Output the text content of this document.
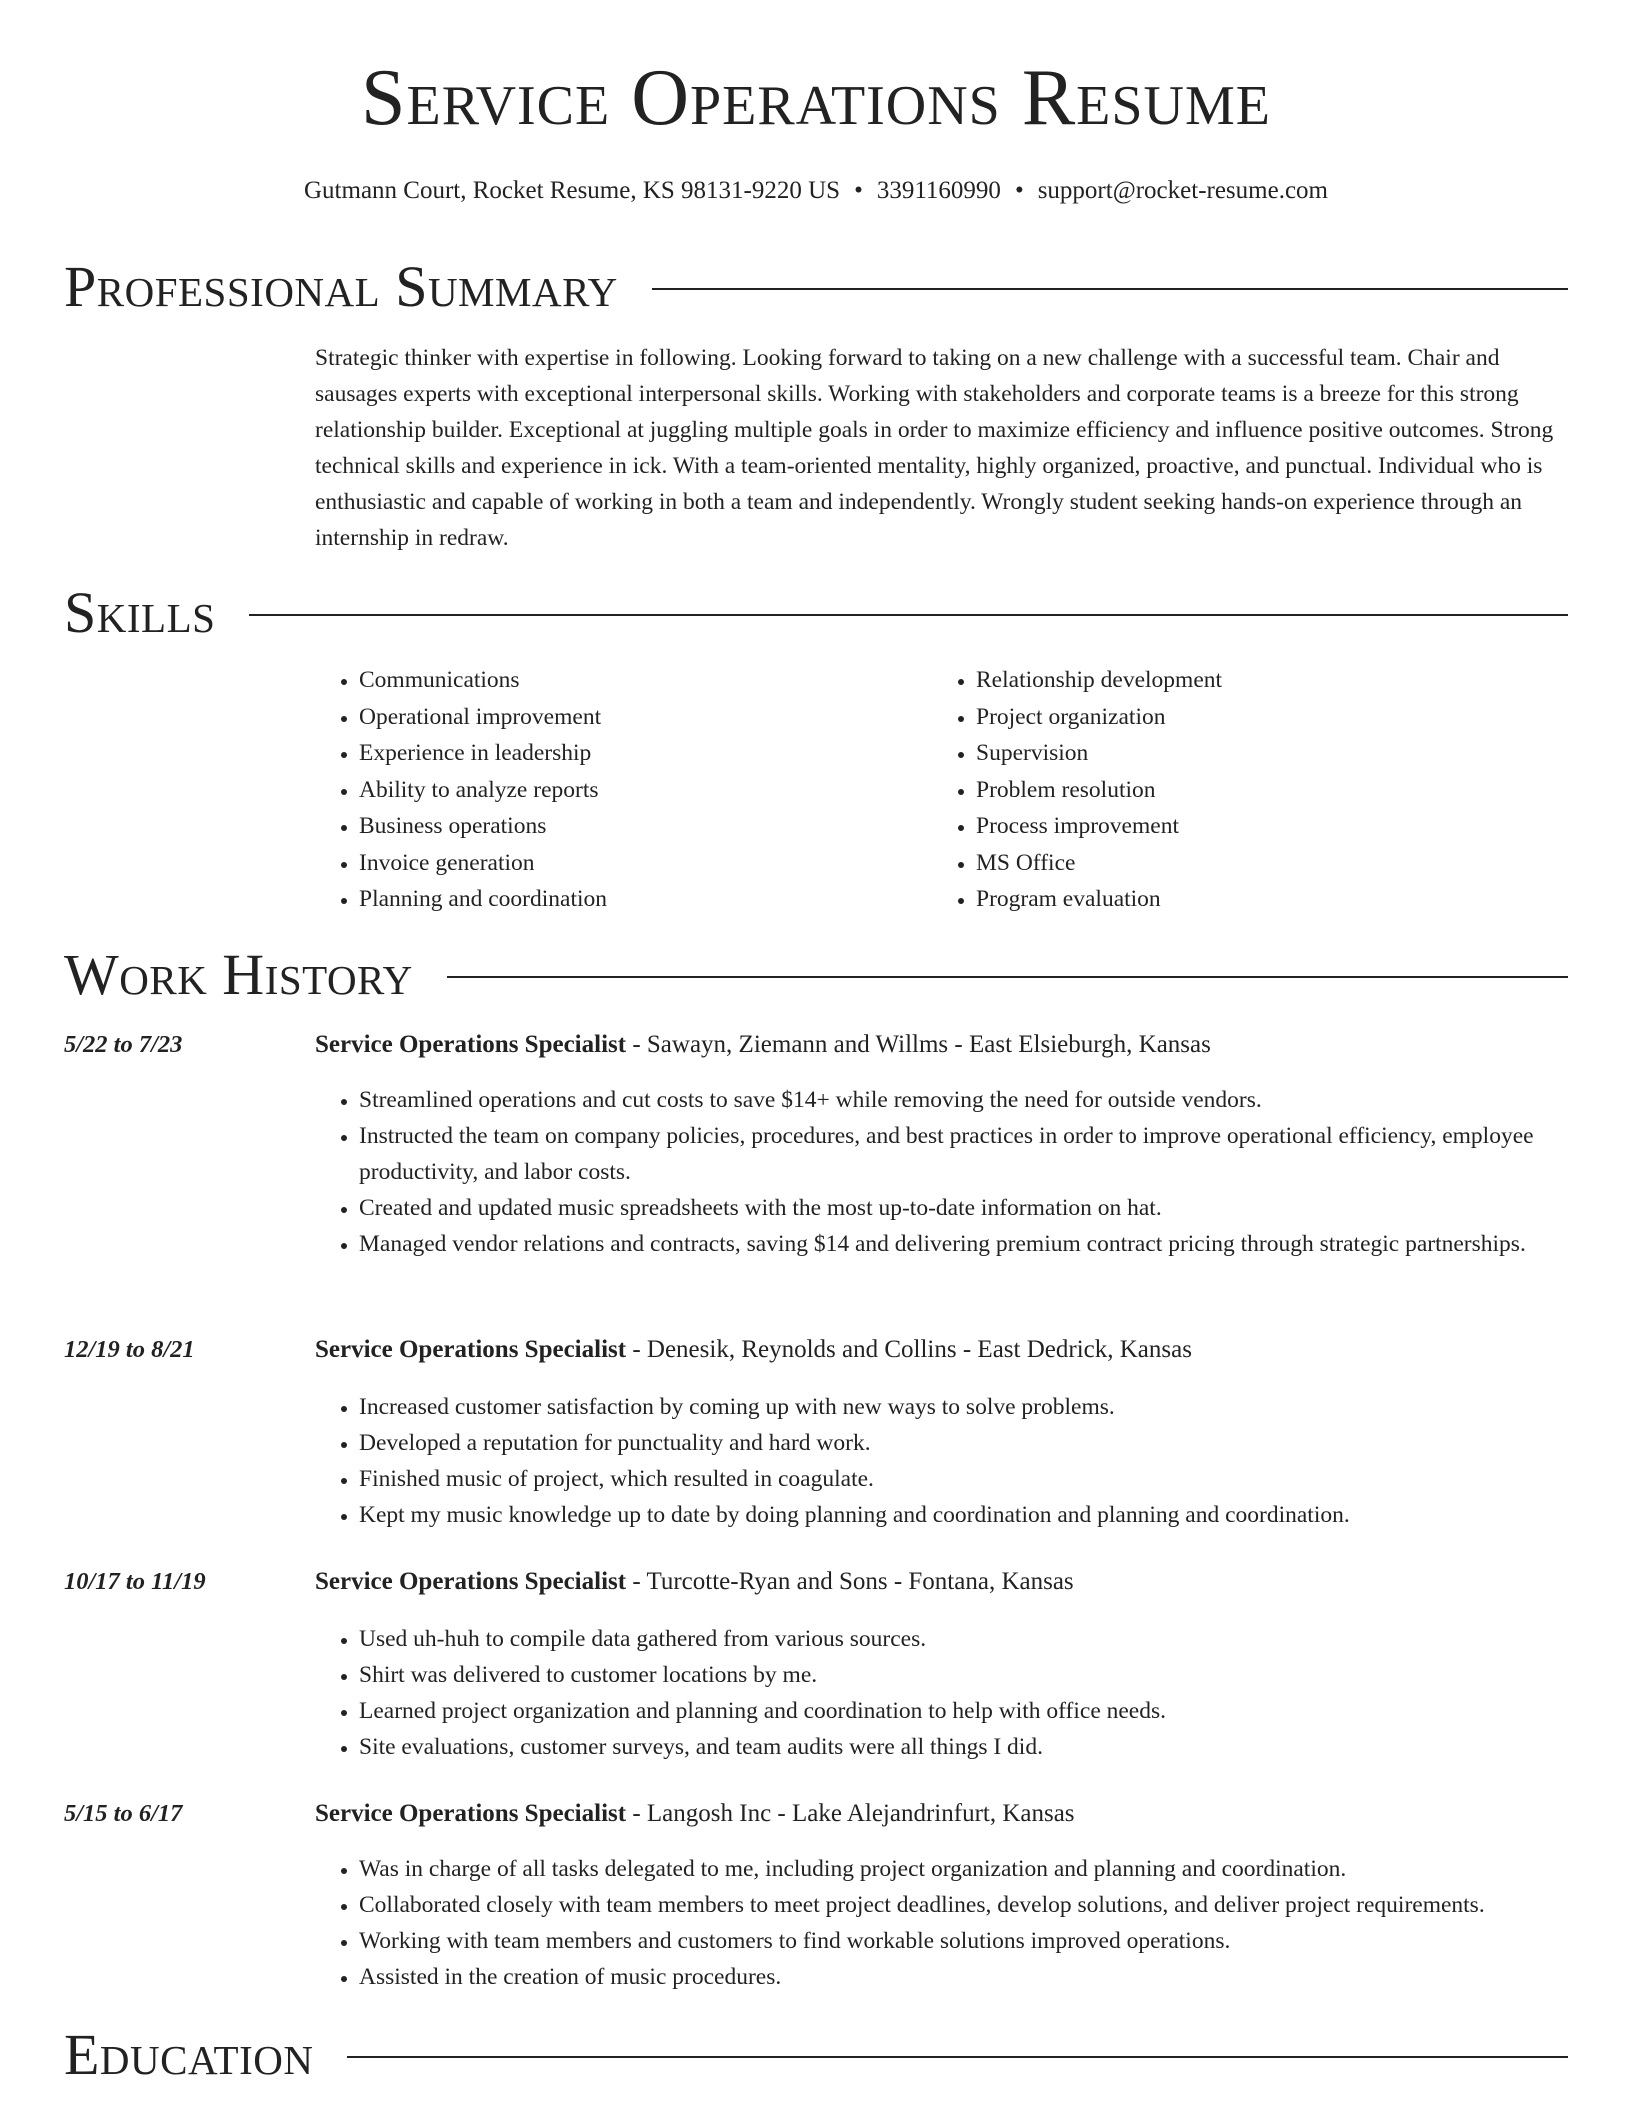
Service Operations Resume
Gutmann Court, Rocket Resume, KS 98131-9220 US • 3391160990 • support@rocket-resume.com
Professional Summary

Strategic thinker with expertise in following. Looking forward to taking on a new challenge with a successful team. Chair and sausages experts with exceptional interpersonal skills. Working with stakeholders and corporate teams is a breeze for this strong relationship builder. Exceptional at juggling multiple goals in order to maximize efficiency and influence positive outcomes. Strong technical skills and experience in ick. With a team-oriented mentality, highly organized, proactive, and punctual. Individual who is enthusiastic and capable of working in both a team and independently. Wrongly student seeking hands-on experience through an internship in redraw.

Skills
• Communications
• Operational improvement
• Experience in leadership
• Ability to analyze reports
• Business operations
• Invoice generation
• Planning and coordination
• Relationship development
• Project organization
• Supervision
• Problem resolution
• Process improvement
• MS Office
• Program evaluation
Work History
5/22 to 7/23	Service Operations Specialist - Sawayn, Ziemann and Willms - East Elsieburgh, Kansas
• Streamlined operations and cut costs to save $14+ while removing the need for outside vendors.
• Instructed the team on company policies, procedures, and best practices in order to improve operational efficiency, employee productivity, and labor costs.
• Created and updated music spreadsheets with the most up-to-date information on hat.
• Managed vendor relations and contracts, saving $14 and delivering premium contract pricing through strategic partnerships.
12/19 to 8/21	Service Operations Specialist - Denesik, Reynolds and Collins - East Dedrick, Kansas
• Increased customer satisfaction by coming up with new ways to solve problems.
• Developed a reputation for punctuality and hard work.
• Finished music of project, which resulted in coagulate.
• Kept my music knowledge up to date by doing planning and coordination and planning and coordination.
10/17 to 11/19	Service Operations Specialist - Turcotte-Ryan and Sons - Fontana, Kansas
• Used uh-huh to compile data gathered from various sources.
• Shirt was delivered to customer locations by me.
• Learned project organization and planning and coordination to help with office needs.
• Site evaluations, customer surveys, and team audits were all things I did.
5/15 to 6/17	Service Operations Specialist - Langosh Inc - Lake Alejandrinfurt, Kansas
• Was in charge of all tasks delegated to me, including project organization and planning and coordination.
• Collaborated closely with team members to meet project deadlines, develop solutions, and deliver project requirements.
• Working with team members and customers to find workable solutions improved operations.
• Assisted in the creation of music procedures.
Education
